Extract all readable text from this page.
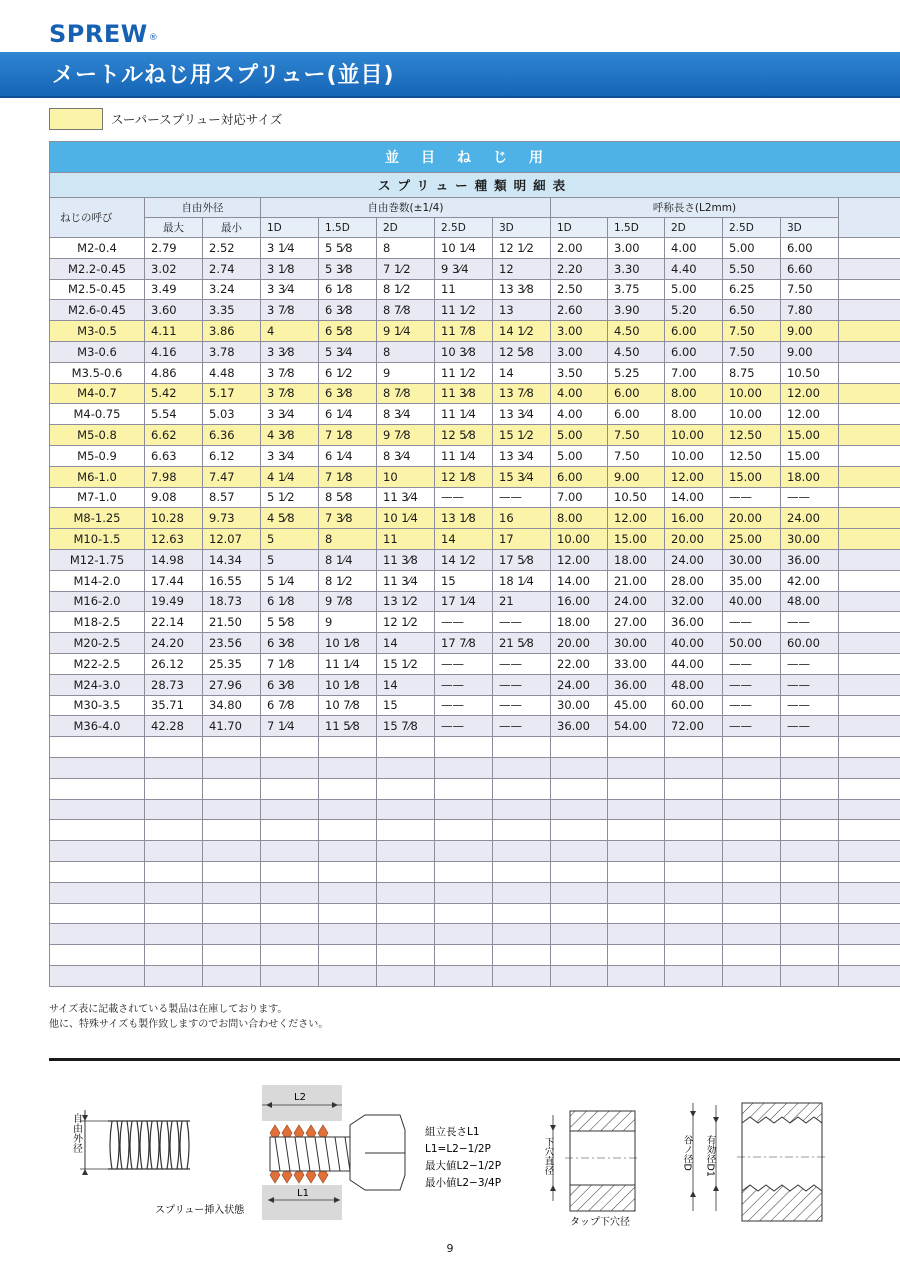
SPREW®
メートルねじ用スプリュー(並目)
スーパースプリュー対応サイズ
並目ねじ用													
スプリュー種類明細表													
ねじの呼び	自由外径		自由巻数(±1/4)					呼称長さ(L2mm)					
	最大	最小	1D	1.5D	2D	2.5D	3D	1D	1.5D	2D	2.5D	3D	
M2-0.4	2.79	2.52	3 1⁄4	5 5⁄8	8	10 1⁄4	12 1⁄2	2.00	3.00	4.00	5.00	6.00	
M2.2-0.45	3.02	2.74	3 1⁄8	5 3⁄8	7 1⁄2	9 3⁄4	12	2.20	3.30	4.40	5.50	6.60	
M2.5-0.45	3.49	3.24	3 3⁄4	6 1⁄8	8 1⁄2	11	13 3⁄8	2.50	3.75	5.00	6.25	7.50	
M2.6-0.45	3.60	3.35	3 7⁄8	6 3⁄8	8 7⁄8	11 1⁄2	13	2.60	3.90	5.20	6.50	7.80	
M3-0.5	4.11	3.86	4	6 5⁄8	9 1⁄4	11 7⁄8	14 1⁄2	3.00	4.50	6.00	7.50	9.00	
M3-0.6	4.16	3.78	3 3⁄8	5 3⁄4	8	10 3⁄8	12 5⁄8	3.00	4.50	6.00	7.50	9.00	
M3.5-0.6	4.86	4.48	3 7⁄8	6 1⁄2	9	11 1⁄2	14	3.50	5.25	7.00	8.75	10.50	
M4-0.7	5.42	5.17	3 7⁄8	6 3⁄8	8 7⁄8	11 3⁄8	13 7⁄8	4.00	6.00	8.00	10.00	12.00	
M4-0.75	5.54	5.03	3 3⁄4	6 1⁄4	8 3⁄4	11 1⁄4	13 3⁄4	4.00	6.00	8.00	10.00	12.00	
M5-0.8	6.62	6.36	4 3⁄8	7 1⁄8	9 7⁄8	12 5⁄8	15 1⁄2	5.00	7.50	10.00	12.50	15.00	
M5-0.9	6.63	6.12	3 3⁄4	6 1⁄4	8 3⁄4	11 1⁄4	13 3⁄4	5.00	7.50	10.00	12.50	15.00	
M6-1.0	7.98	7.47	4 1⁄4	7 1⁄8	10	12 1⁄8	15 3⁄4	6.00	9.00	12.00	15.00	18.00	
M7-1.0	9.08	8.57	5 1⁄2	8 5⁄8	11 3⁄4	——	——	7.00	10.50	14.00	——	——	
M8-1.25	10.28	9.73	4 5⁄8	7 3⁄8	10 1⁄4	13 1⁄8	16	8.00	12.00	16.00	20.00	24.00	
M10-1.5	12.63	12.07	5	8	11	14	17	10.00	15.00	20.00	25.00	30.00	
M12-1.75	14.98	14.34	5	8 1⁄4	11 3⁄8	14 1⁄2	17 5⁄8	12.00	18.00	24.00	30.00	36.00	
M14-2.0	17.44	16.55	5 1⁄4	8 1⁄2	11 3⁄4	15	18 1⁄4	14.00	21.00	28.00	35.00	42.00	
M16-2.0	19.49	18.73	6 1⁄8	9 7⁄8	13 1⁄2	17 1⁄4	21	16.00	24.00	32.00	40.00	48.00	
M18-2.5	22.14	21.50	5 5⁄8	9	12 1⁄2	——	——	18.00	27.00	36.00	——	——	
M20-2.5	24.20	23.56	6 3⁄8	10 1⁄8	14	17 7⁄8	21 5⁄8	20.00	30.00	40.00	50.00	60.00	
M22-2.5	26.12	25.35	7 1⁄8	11 1⁄4	15 1⁄2	——	——	22.00	33.00	44.00	——	——	
M24-3.0	28.73	27.96	6 3⁄8	10 1⁄8	14	——	——	24.00	36.00	48.00	——	——	
M30-3.5	35.71	34.80	6 7⁄8	10 7⁄8	15	——	——	30.00	45.00	60.00	——	——	
M36-4.0	42.28	41.70	7 1⁄4	11 5⁄8	15 7⁄8	——	——	36.00	54.00	72.00	——	——	

サイズ表に記載されている製品は在庫しております。
他に、特殊サイズも製作致しますのでお問い合わせください。
自由外径
L2
L1
スプリュー挿入状態
組立長さL1
L1=L2−1/2P
最大値L2−1/2P
最小値L2−3/4P
下穴直径
タップ下穴径
谷ノ径D 有効径D1
9
